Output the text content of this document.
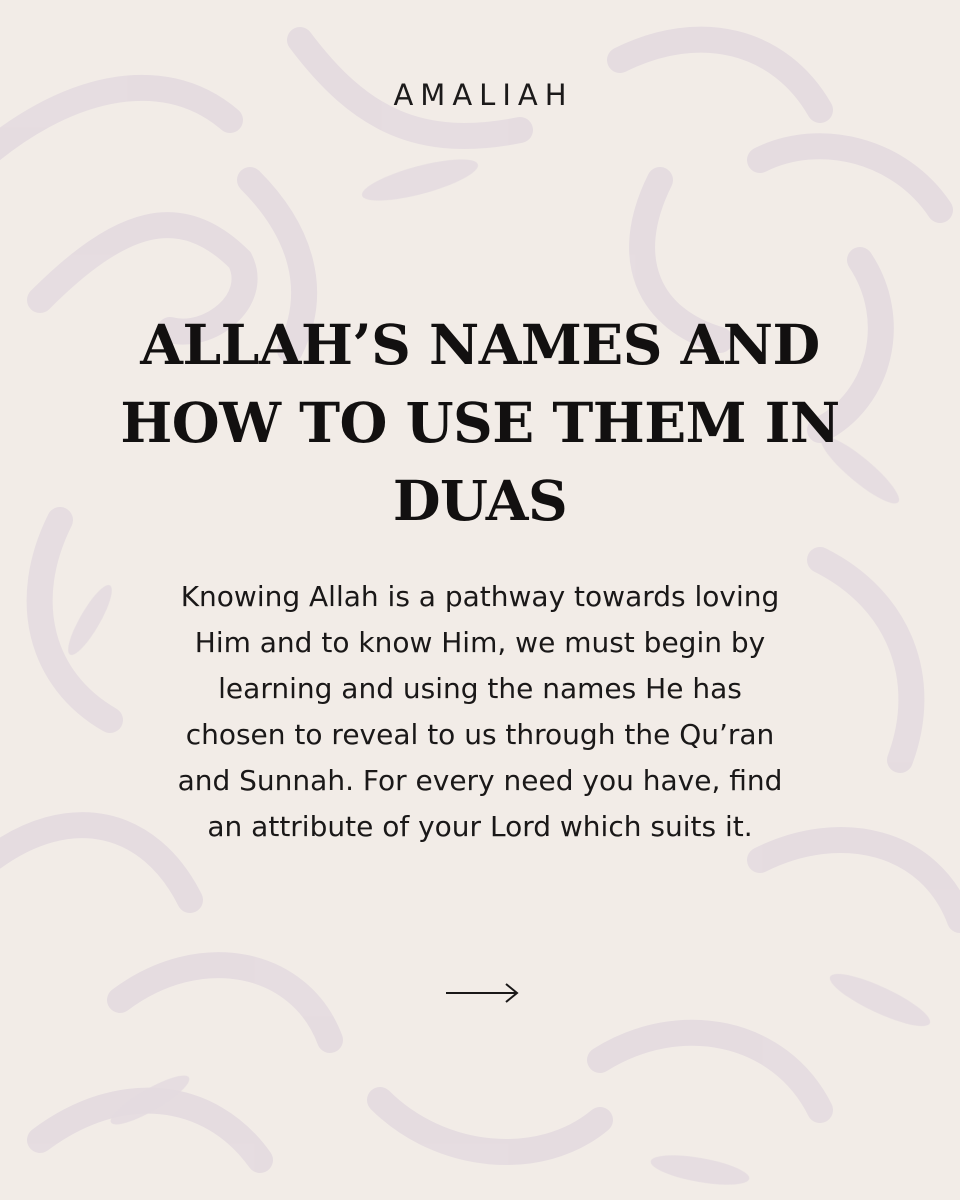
AMALIAH
ALLAH’S NAMES AND HOW TO USE THEM IN DUAS

Knowing Allah is a pathway towards loving Him and to know Him, we must begin by learning and using the names He has chosen to reveal to us through the Qu’ran and Sunnah. For every need you have, find an attribute of your Lord which suits it.
